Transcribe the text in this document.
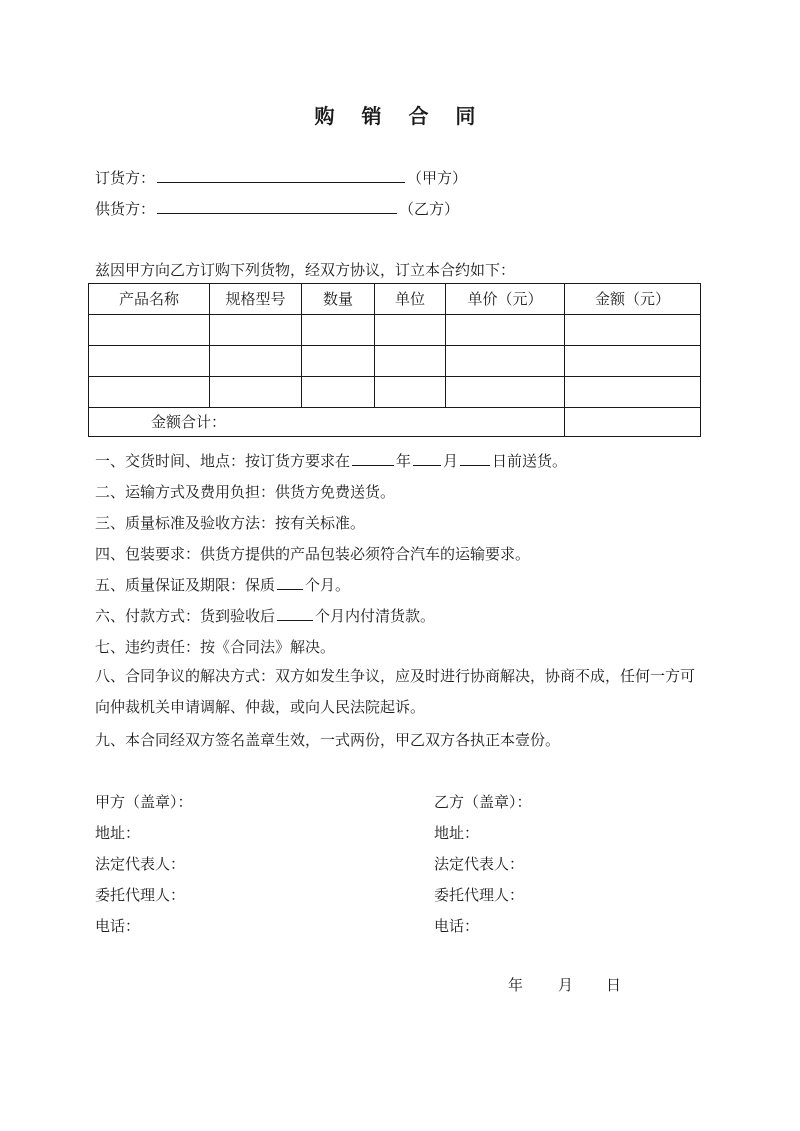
购 销 合 同
订货方：	（甲方）
供货方：	（乙方）
兹因甲方向乙方订购下列货物，经双方协议，订立本合约如下：
产品名称	规格型号	数量	单位	单价（元）	金额（元）

金额合计：					
一、交货时间、地点：按订货方要求在	年 月 日前送货。
二、运输方式及费用负担：供货方免费送货。
三、质量标准及验收方法：按有关标准。
四、包装要求：供货方提供的产品包装必须符合汽车的运输要求。
五、质量保证及期限：保质 个月。
六、付款方式：货到验收后	个月内付清货款。
七、违约责任：按《合同法》解决。
八、合同争议的解决方式：双方如发生争议，应及时进行协商解决，协商不成，任何一方可向仲裁机关申请调解、仲裁，或向人民法院起诉。
九、本合同经双方签名盖章生效，一式两份，甲乙双方各执正本壹份。
甲方（盖章）：
地址：
法定代表人：
委托代理人：
电话：
乙方（盖章）：
地址：
法定代表人：
委托代理人：
电话：
年 月 日
